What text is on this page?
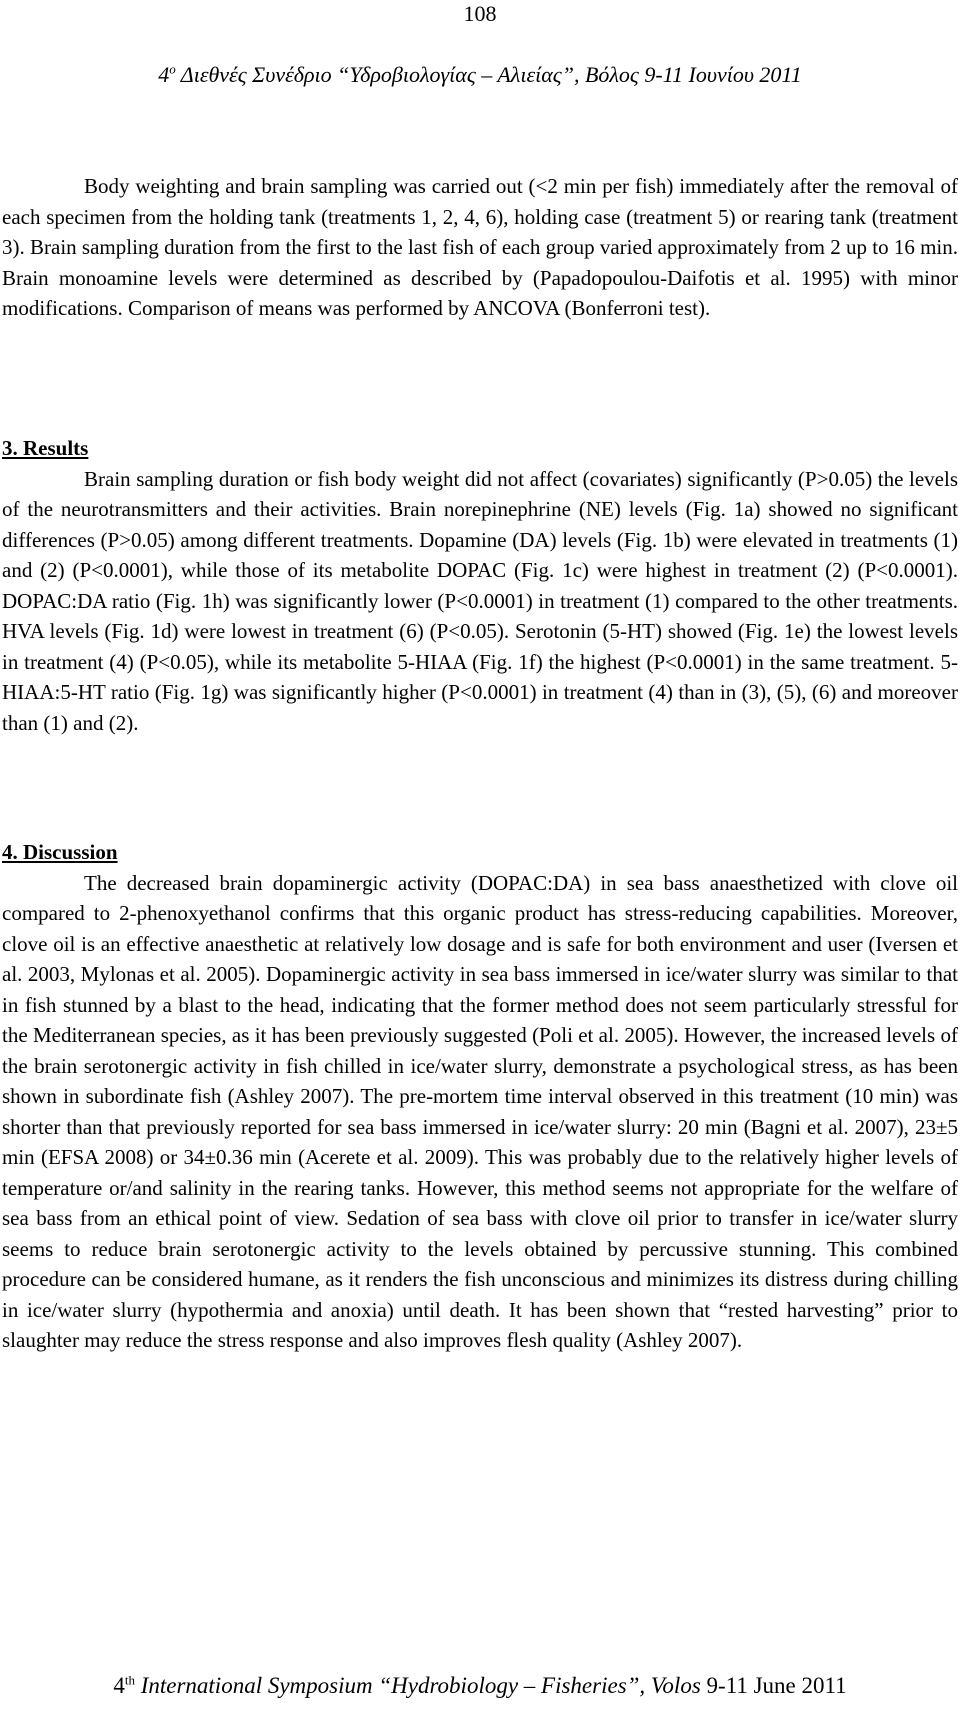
108
$4^o$ Διεθνές Συνέδριο “Υδροβιολογίας – Αλιείας”, Βόλος 9-11 Ιουνίου 2011

Body weighting and brain sampling was carried out (<2 min per fish) immediately after the removal of each specimen from the holding tank (treatments 1, 2, 4, 6), holding case (treatment 5) or rearing tank (treatment 3). Brain sampling duration from the first to the last fish of each group varied approximately from 2 up to 16 min. Brain monoamine levels were determined as described by (Papadopoulou-Daifotis et al. 1995) with minor modifications. Comparison of means was performed by ANCOVA (Bonferroni test).

3. Results

Brain sampling duration or fish body weight did not affect (covariates) significantly (P>0.05) the levels of the neurotransmitters and their activities. Brain norepinephrine (NE) levels (Fig. 1a) showed no significant differences (P>0.05) among different treatments. Dopamine (DA) levels (Fig. 1b) were elevated in treatments (1) and (2) (P<0.0001), while those of its metabolite DOPAC (Fig. 1c) were highest in treatment (2) (P<0.0001). DOPAC:DA ratio (Fig. 1h) was significantly lower (P<0.0001) in treatment (1) compared to the other treatments. HVA levels (Fig. 1d) were lowest in treatment (6) (P<0.05). Serotonin (5-HT) showed (Fig. 1e) the lowest levels in treatment (4) (P<0.05), while its metabolite 5-HIAA (Fig. 1f) the highest (P<0.0001) in the same treatment. 5-HIAA:5-HT ratio (Fig. 1g) was significantly higher (P<0.0001) in treatment (4) than in (3), (5), (6) and moreover than (1) and (2).

4. Discussion

The decreased brain dopaminergic activity (DOPAC:DA) in sea bass anaesthetized with clove oil compared to 2-phenoxyethanol confirms that this organic product has stress-reducing capabilities. Moreover, clove oil is an effective anaesthetic at relatively low dosage and is safe for both environment and user (Iversen et al. 2003, Mylonas et al. 2005). Dopaminergic activity in sea bass immersed in ice/water slurry was similar to that in fish stunned by a blast to the head, indicating that the former method does not seem particularly stressful for the Mediterranean species, as it has been previously suggested (Poli et al. 2005). However, the increased levels of the brain serotonergic activity in fish chilled in ice/water slurry, demonstrate a psychological stress, as has been shown in subordinate fish (Ashley 2007). The pre-mortem time interval observed in this treatment (10 min) was shorter than that previously reported for sea bass immersed in ice/water slurry: 20 min (Bagni et al. 2007), 23±5 min (EFSA 2008) or 34±0.36 min (Acerete et al. 2009). This was probably due to the relatively higher levels of temperature or/and salinity in the rearing tanks. However, this method seems not appropriate for the welfare of sea bass from an ethical point of view. Sedation of sea bass with clove oil prior to transfer in ice/water slurry seems to reduce brain serotonergic activity to the levels obtained by percussive stunning. This combined procedure can be considered humane, as it renders the fish unconscious and minimizes its distress during chilling in ice/water slurry (hypothermia and anoxia) until death. It has been shown that “rested harvesting” prior to slaughter may reduce the stress response and also improves flesh quality (Ashley 2007).

4th International Symposium “Hydrobiology – Fisheries”, Volos 9-11 June 2011
